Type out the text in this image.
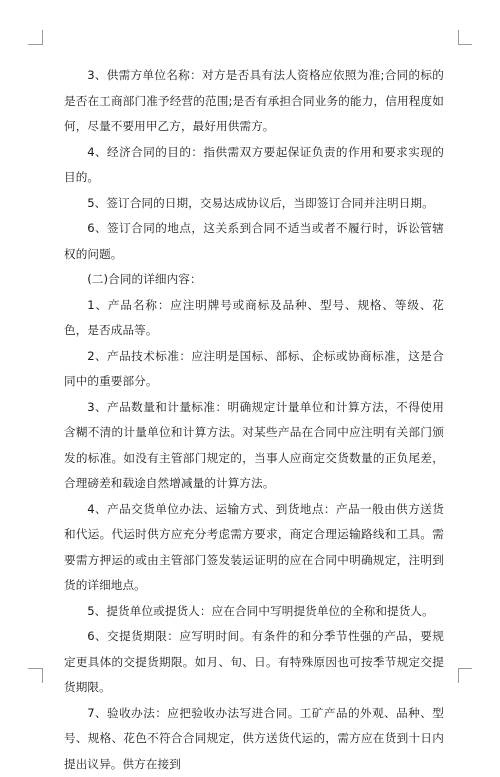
3、供需方单位名称：对方是否具有法人资格应依照为准;合同的标的是否在工商部门准予经营的范围;是否有承担合同业务的能力，信用程度如何，尽量不要用甲乙方，最好用供需方。

4、经济合同的目的：指供需双方要起保证负责的作用和要求实现的目的。

5、签订合同的日期，交易达成协议后，当即签订合同并注明日期。

6、签订合同的地点，这关系到合同不适当或者不履行时，诉讼管辖权的问题。

(二)合同的详细内容：

1、产品名称：应注明牌号或商标及品种、型号、规格、等级、花色，是否成品等。

2、产品技术标准：应注明是国标、部标、企标或协商标准，这是合同中的重要部分。

3、产品数量和计量标准：明确规定计量单位和计算方法，不得使用含糊不清的计量单位和计算方法。对某些产品在合同中应注明有关部门颁发的标准。如没有主管部门规定的，当事人应商定交货数量的正负尾差，合理磅差和载途自然增减量的计算方法。

4、产品交货单位办法、运输方式、到货地点：产品一般由供方送货和代运。代运时供方应充分考虑需方要求，商定合理运输路线和工具。需要需方押运的或由主管部门签发装运证明的应在合同中明确规定，注明到货的详细地点。

5、提货单位或提货人：应在合同中写明提货单位的全称和提货人。

6、交提货期限：应写明时间。有条件的和分季节性强的产品，要规定更具体的交提货期限。如月、旬、日。有特殊原因也可按季节规定交提货期限。

7、验收办法：应把验收办法写进合同。工矿产品的外观、品种、型号、规格、花色不符合合同规定，供方送货代运的，需方应在货到十日内提出议异。供方在接到
